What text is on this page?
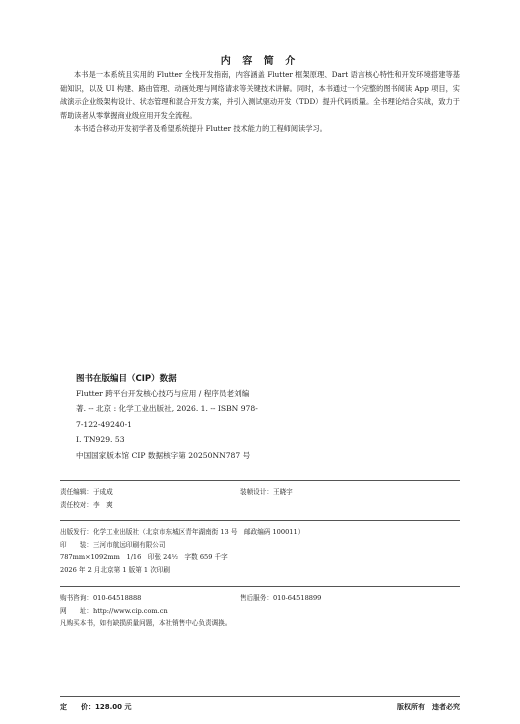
内 容 简 介

本书是一本系统且实用的 Flutter 全栈开发指南，内容涵盖 Flutter 框架原理、Dart 语言核心特性和开发环境搭建等基础知识，以及 UI 构建、路由管理、动画处理与网络请求等关键技术讲解。同时，本书通过一个完整的图书阅读 App 项目，实战演示企业级架构设计、状态管理和混合开发方案，并引入测试驱动开发（TDD）提升代码质量。全书理论结合实战，致力于帮助读者从零掌握商业级应用开发全流程。

本书适合移动开发初学者及希望系统提升 Flutter 技术能力的工程师阅读学习。

图书在版编目（CIP）数据
Flutter 跨平台开发核心技巧与应用 / 程序员老刘编
著. -- 北京 : 化学工业出版社, 2026. 1. -- ISBN 978-
7-122-49240-1
Ⅰ. TN929. 53
中国国家版本馆 CIP 数据核字第 20250NN787 号
责任编辑：于成成	装帧设计：王晓宇
责任校对：李　爽
出版发行： 化学工业出版社（北京市东城区青年湖南街 13 号　邮政编码 100011）
印　　装： 三河市航远印刷有限公司
787mm×1092mm　1/16　印张 24½　字数 659 千字
2026 年 2 月北京第 1 版第 1 次印刷
购书咨询：010-64518888	售后服务：010-64518899
网　　址： http://www.cip.com.cn
凡购买本书，如有缺损质量问题，本社销售中心负责调换。
定　　价：128.00 元	版权所有　违者必究
